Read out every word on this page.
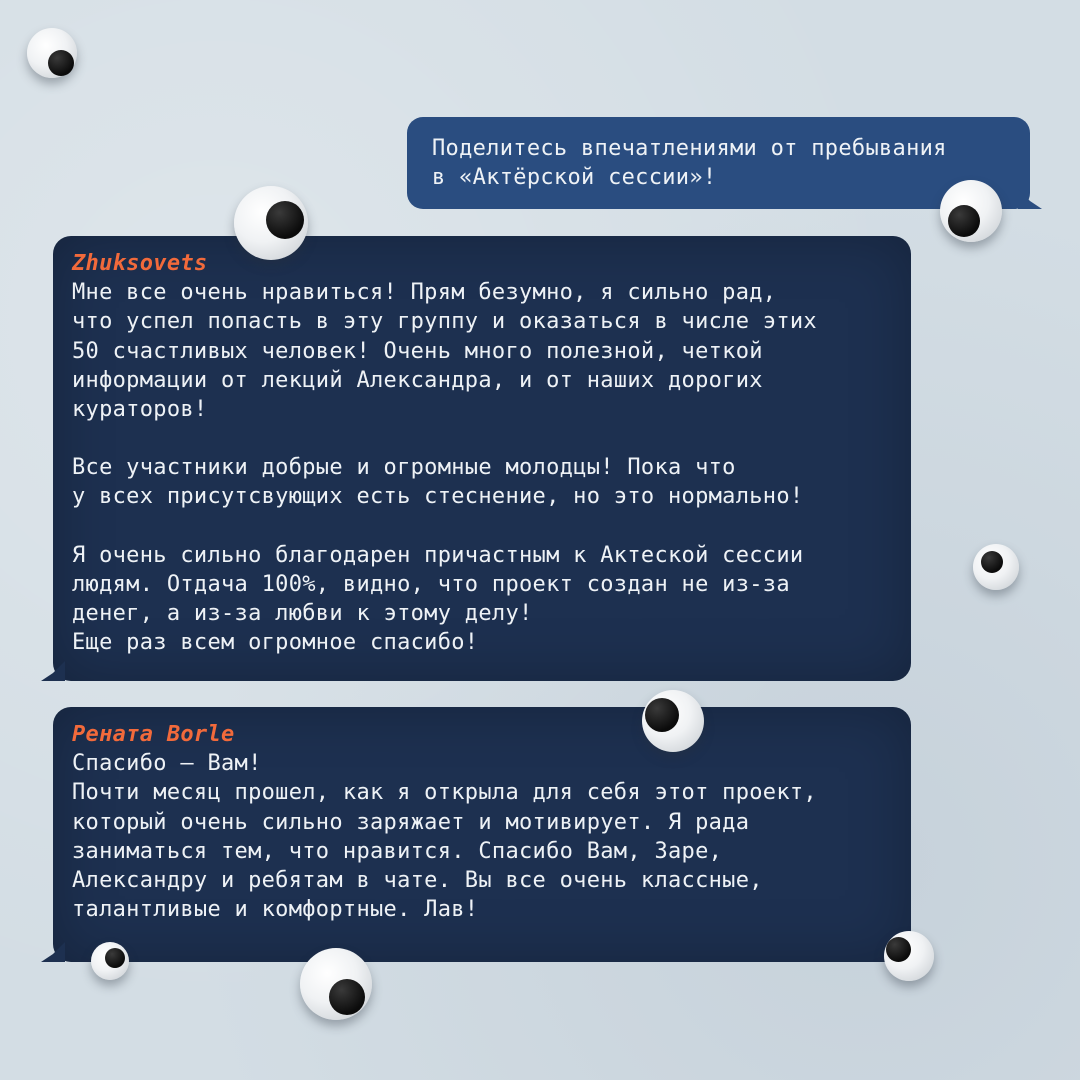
Поделитесь впечатлениями от пребывания
в «Актёрской сессии»!
Zhuksovets
Мне все очень нравиться! Прям безумно, я сильно рад,
что успел попасть в эту группу и оказаться в числе этих
50 счастливых человек! Очень много полезной, четкой
информации от лекций Александра, и от наших дорогих
кураторов!
Все участники добрые и огромные молодцы! Пока что
у всех присутсвующих есть стеснение, но это нормально!
Я очень сильно благодарен причастным к Актеской сессии
людям. Отдача 100%, видно, что проект создан не из-за
денег, а из-за любви к этому делу!
Еще раз всем огромное спасибо!
Рената Borle
Спасибо — Вам!
Почти месяц прошел, как я открыла для себя этот проект,
который очень сильно заряжает и мотивирует. Я рада
заниматься тем, что нравится. Спасибо Вам, Заре,
Александру и ребятам в чате. Вы все очень классные,
талантливые и комфортные. Лав!
